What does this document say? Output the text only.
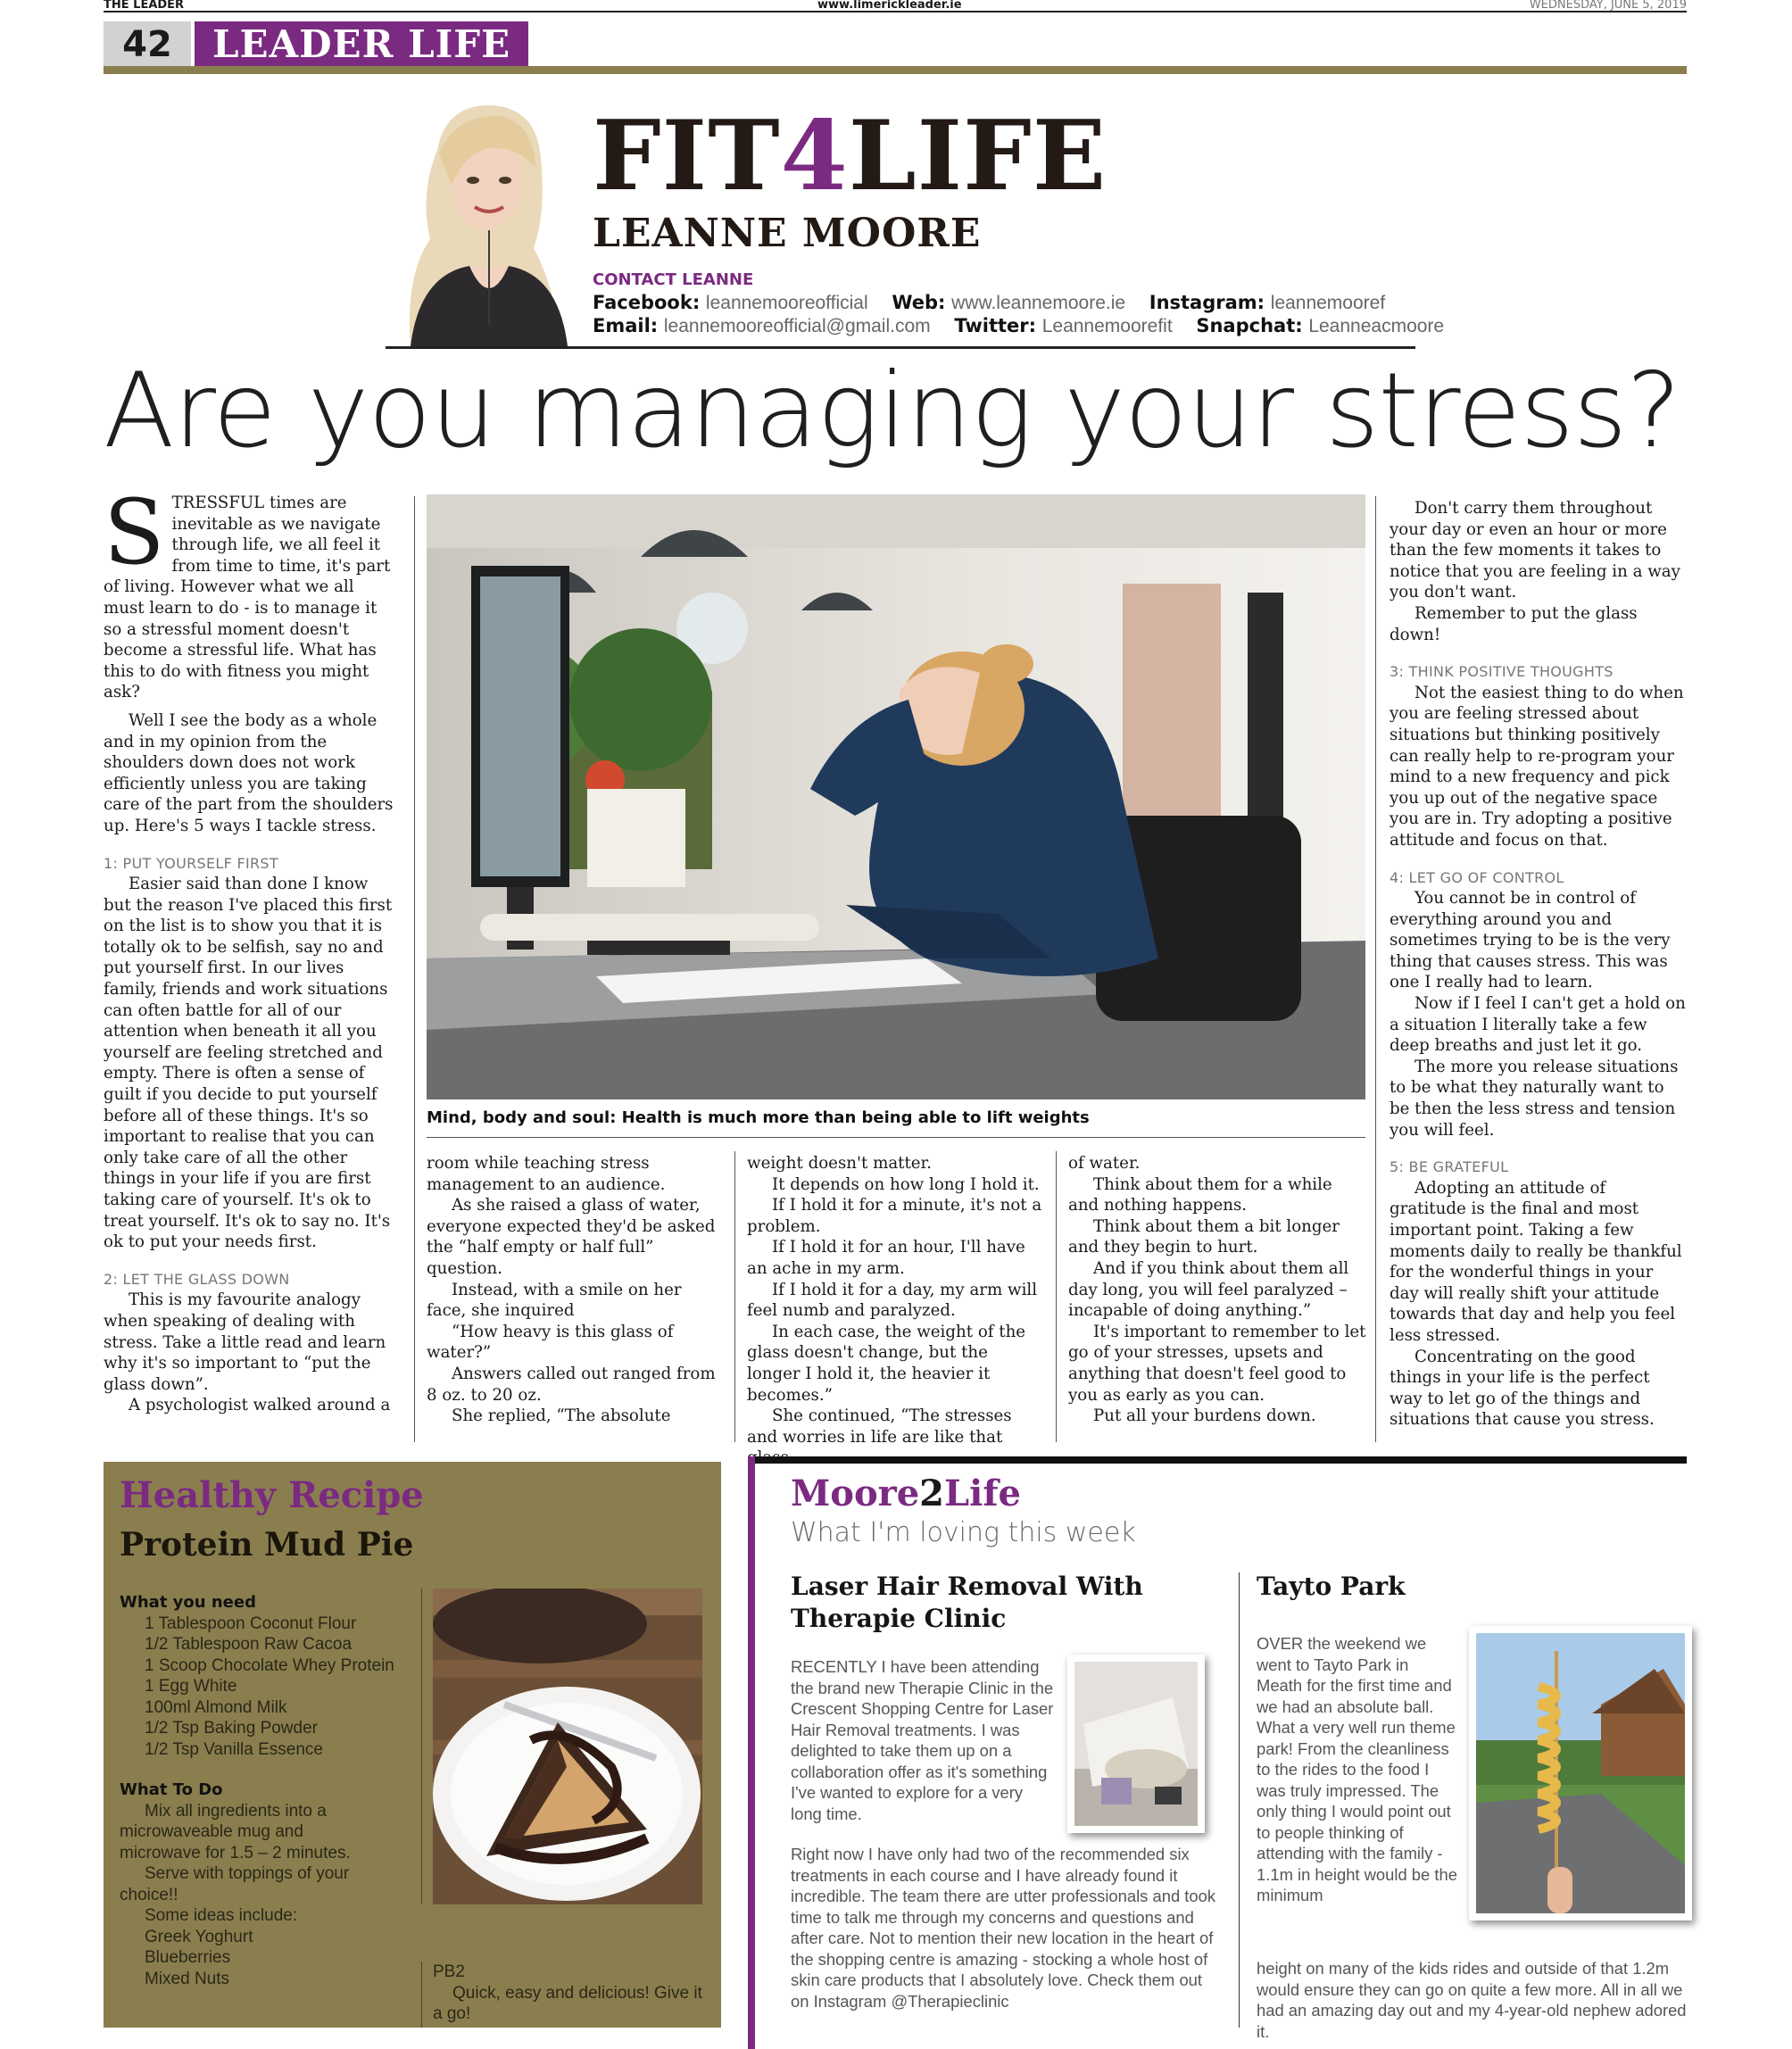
THE LEADER	www.limerickleader.ie	WEDNESDAY, JUNE 5, 2019
42	LEADER LIFE
FIT4LIFE
LEANNE MOORE
CONTACT LEANNE
Facebook: leannemooreofficial Web: www.leannemoore.ie Instagram: leannemooref
Email: leannemooreofficial@gmail.com Twitter: Leannemoorefit Snapchat: Leanneacmoore
Are you managing your stress?

STRESSFUL times are inevitable as we navigate through life, we all feel it from time to time, it's part of living. However what we all must learn to do - is to manage it so a stressful moment doesn't become a stressful life. What has this to do with fitness you might ask?

Well I see the body as a whole and in my opinion from the shoulders down does not work efficiently unless you are taking care of the part from the shoulders up. Here's 5 ways I tackle stress.

1: PUT YOURSELF FIRST

Easier said than done I know but the reason I've placed this first on the list is to show you that it is totally ok to be selfish, say no and put yourself first. In our lives family, friends and work situations can often battle for all of our attention when beneath it all you yourself are feeling stretched and empty. There is often a sense of guilt if you decide to put yourself before all of these things. It's so important to realise that you can only take care of all the other things in your life if you are first taking care of yourself. It's ok to treat yourself. It's ok to say no. It's ok to put your needs first.

2: LET THE GLASS DOWN

This is my favourite analogy when speaking of dealing with stress. Take a little read and learn why it's so important to “put the glass down”.

A psychologist walked around a

Mind, body and soul: Health is much more than being able to lift weights

room while teaching stress management to an audience.

As she raised a glass of water, everyone expected they'd be asked the “half empty or half full” question.

Instead, with a smile on her face, she inquired

“How heavy is this glass of water?”

Answers called out ranged from 8 oz. to 20 oz.

She replied, “The absolute

weight doesn't matter.

It depends on how long I hold it.

If I hold it for a minute, it's not a problem.

If I hold it for an hour, I'll have an ache in my arm.

If I hold it for a day, my arm will feel numb and paralyzed.

In each case, the weight of the glass doesn't change, but the longer I hold it, the heavier it becomes.”

She continued, “The stresses and worries in life are like that

of water.

Think about them for a while and nothing happens.

Think about them a bit longer and they begin to hurt.

And if you think about them all day long, you will feel paralyzed – incapable of doing anything.”

It's important to remember to let go of your stresses, upsets and anything that doesn't feel good to you as early as you can.

Put all your burdens down.

Don't carry them throughout your day or even an hour or more than the few moments it takes to notice that you are feeling in a way you don't want.

Remember to put the glass down!

3: THINK POSITIVE THOUGHTS

Not the easiest thing to do when you are feeling stressed about situations but thinking positively can really help to re-program your mind to a new frequency and pick you up out of the negative space you are in. Try adopting a positive attitude and focus on that.

4: LET GO OF CONTROL

You cannot be in control of everything around you and sometimes trying to be is the very thing that causes stress. This was one I really had to learn.

Now if I feel I can't get a hold on a situation I literally take a few deep breaths and just let it go.

The more you release situations to be what they naturally want to be then the less stress and tension you will feel.

5: BE GRATEFUL

Adopting an attitude of gratitude is the final and most important point. Taking a few moments daily to really be thankful for the wonderful things in your day will really shift your attitude towards that day and help you feel less stressed.

Concentrating on the good things in your life is the perfect way to let go of the things and situations that cause you stress.

Healthy Recipe
Protein Mud Pie
What you need
1 Tablespoon Coconut Flour
1/2 Tablespoon Raw Cacoa
1 Scoop Chocolate Whey Protein
1 Egg White
100ml Almond Milk
1/2 Tsp Baking Powder
1/2 Tsp Vanilla Essence
What To Do
Mix all ingredients into a microwaveable mug and microwave for 1.5 – 2 minutes.
Serve with toppings of your choice!!
Some ideas include:
Greek Yoghurt
Blueberries
Mixed Nuts	PB2
Quick, easy and delicious! Give it a go!
Moore2Life
What I'm loving this week
Laser Hair Removal With Therapie Clinic
RECENTLY I have been attending the brand new Therapie Clinic in the Crescent Shopping Centre for Laser Hair Removal treatments. I was delighted to take them up on a collaboration offer as it's something I've wanted to explore for a very long time.
Right now I have only had two of the recommended six treatments in each course and I have already found it incredible. The team there are utter professionals and took time to talk me through my concerns and questions and after care. Not to mention their new location in the heart of the shopping centre is amazing - stocking a whole host of skin care products that I absolutely love. Check them out on Instagram @Therapieclinic
Tayto Park
OVER the weekend we went to Tayto Park in Meath for the first time and we had an absolute ball. What a very well run theme park! From the cleanliness to the rides to the food I was truly impressed. The only thing I would point out to people thinking of attending with the family - 1.1m in height would be the minimum
height on many of the kids rides and outside of that 1.2m would ensure they can go on quite a few more. All in all we had an amazing day out and my 4-year-old nephew adored it.
